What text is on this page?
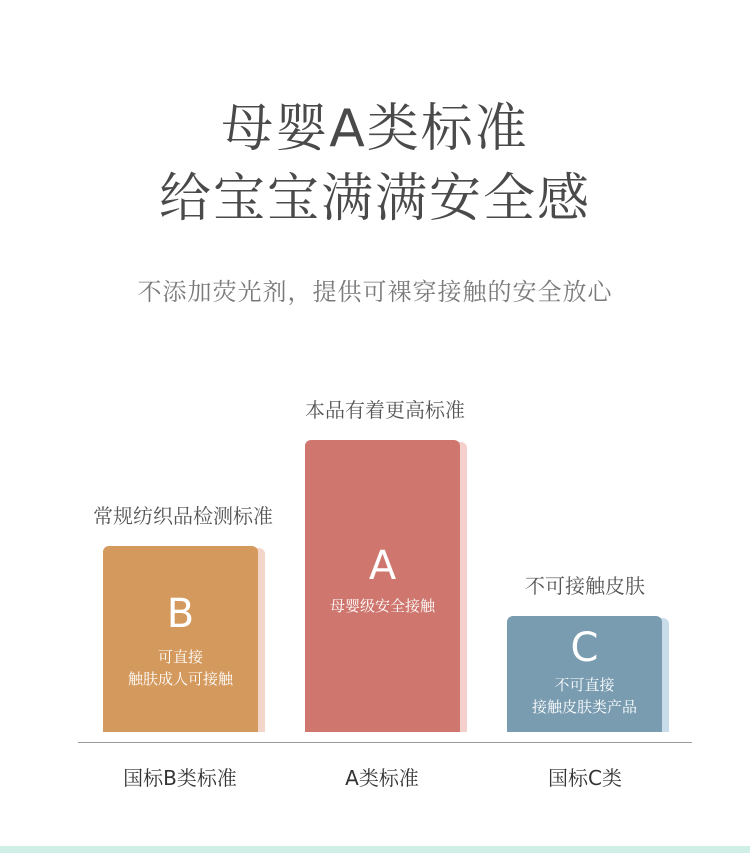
母婴A类标准
给宝宝满满安全感
不添加荧光剂，提供可裸穿接触的安全放心
常规纺织品检测标准
本品有着更高标准
不可接触皮肤
B
可直接
触肤成人可接触
A
母婴级安全接触
C
不可直接
接触皮肤类产品
国标B类标准	A类标准	国标C类
